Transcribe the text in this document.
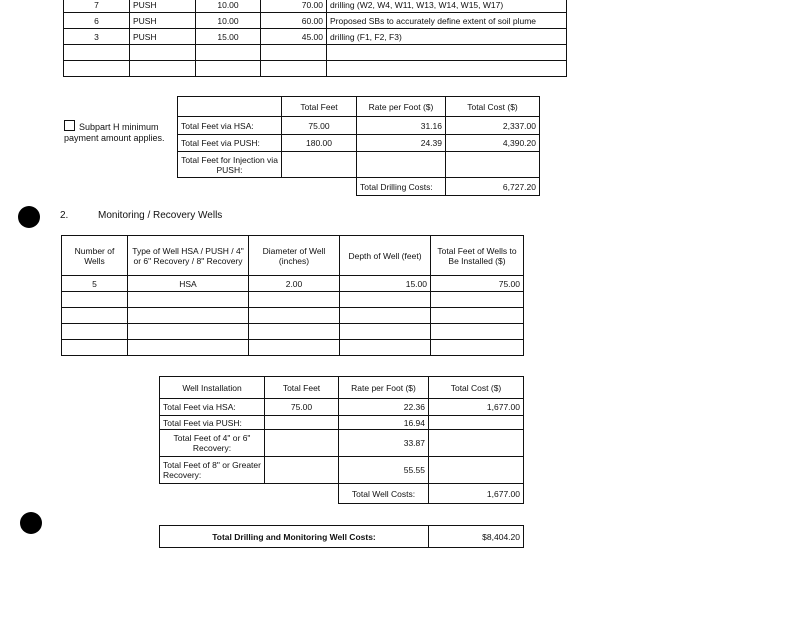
7	PUSH	10.00	70.00	drilling (W2, W4, W11, W13, W14, W15, W17)
6	PUSH	10.00	60.00	Proposed SBs to accurately define extent of soil plume
3	PUSH	15.00	45.00	drilling (F1, F2, F3)

Subpart H minimum payment amount applies.
	Total Feet	Rate per Foot ($)	Total Cost ($)
Total Feet via HSA:	75.00	31.16	2,337.00
Total Feet via PUSH:	180.00	24.39	4,390.20
Total Feet for Injection via PUSH:			
		Total Drilling Costs:	6,727.20
2.	Monitoring / Recovery Wells
Number of Wells	Type of Well HSA / PUSH / 4" or 6" Recovery / 8" Recovery	Diameter of Well (inches)	Depth of Well (feet)	Total Feet of Wells to Be Installed ($)
5	HSA	2.00	15.00	75.00

Well Installation	Total Feet	Rate per Foot ($)	Total Cost ($)
Total Feet via HSA:	75.00	22.36	1,677.00
Total Feet via PUSH:		16.94	
Total Feet of 4" or 6" Recovery:		33.87	
Total Feet of 8" or Greater Recovery:		55.55	
		Total Well Costs:	1,677.00
Total Drilling and Monitoring Well Costs:	$8,404.20
